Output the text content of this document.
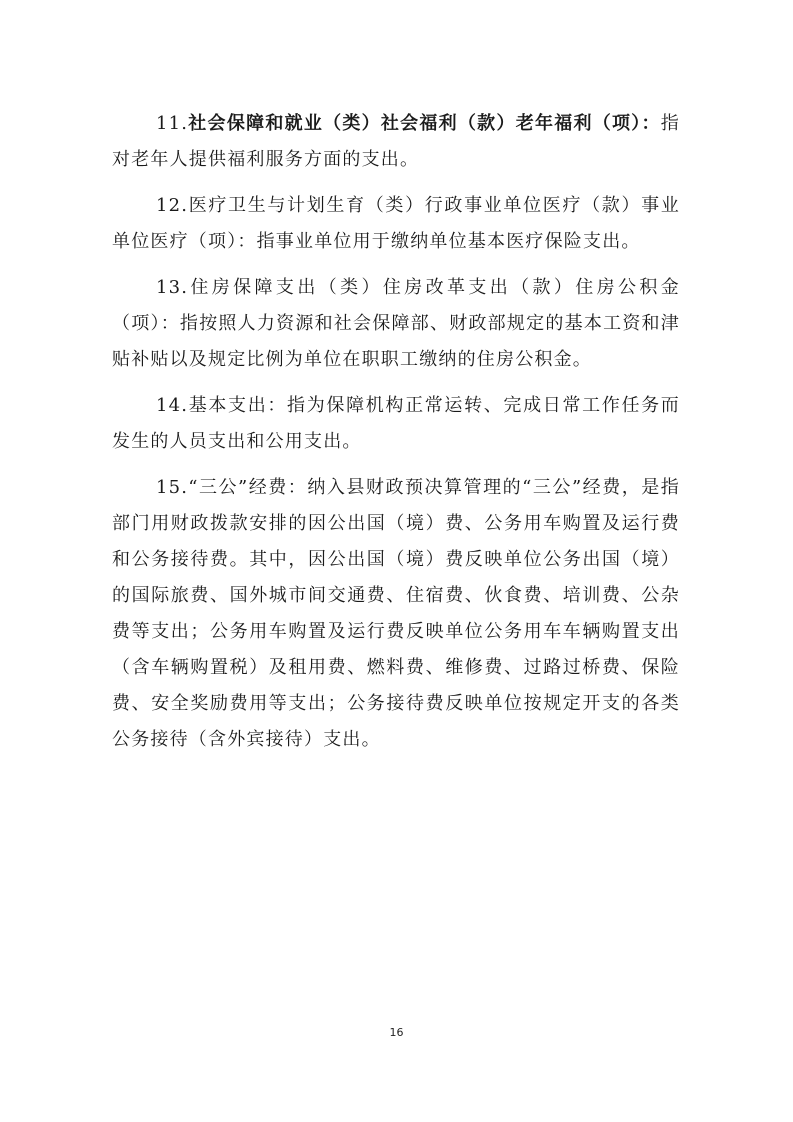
11.社会保障和就业（类）社会福利（款）老年福利（项）：指对老年人提供福利服务方面的支出。

12.医疗卫生与计划生育（类）行政事业单位医疗（款）事业单位医疗（项）：指事业单位用于缴纳单位基本医疗保险支出。

13.住房保障支出（类）住房改革支出（款）住房公积金（项）：指按照人力资源和社会保障部、财政部规定的基本工资和津贴补贴以及规定比例为单位在职职工缴纳的住房公积金。

14.基本支出：指为保障机构正常运转、完成日常工作任务而发生的人员支出和公用支出。

15.“三公”经费：纳入县财政预决算管理的“三公”经费，是指部门用财政拨款安排的因公出国（境）费、公务用车购置及运行费和公务接待费。其中，因公出国（境）费反映单位公务出国（境）的国际旅费、国外城市间交通费、住宿费、伙食费、培训费、公杂费等支出；公务用车购置及运行费反映单位公务用车车辆购置支出（含车辆购置税）及租用费、燃料费、维修费、过路过桥费、保险费、安全奖励费用等支出；公务接待费反映单位按规定开支的各类公务接待（含外宾接待）支出。

16
